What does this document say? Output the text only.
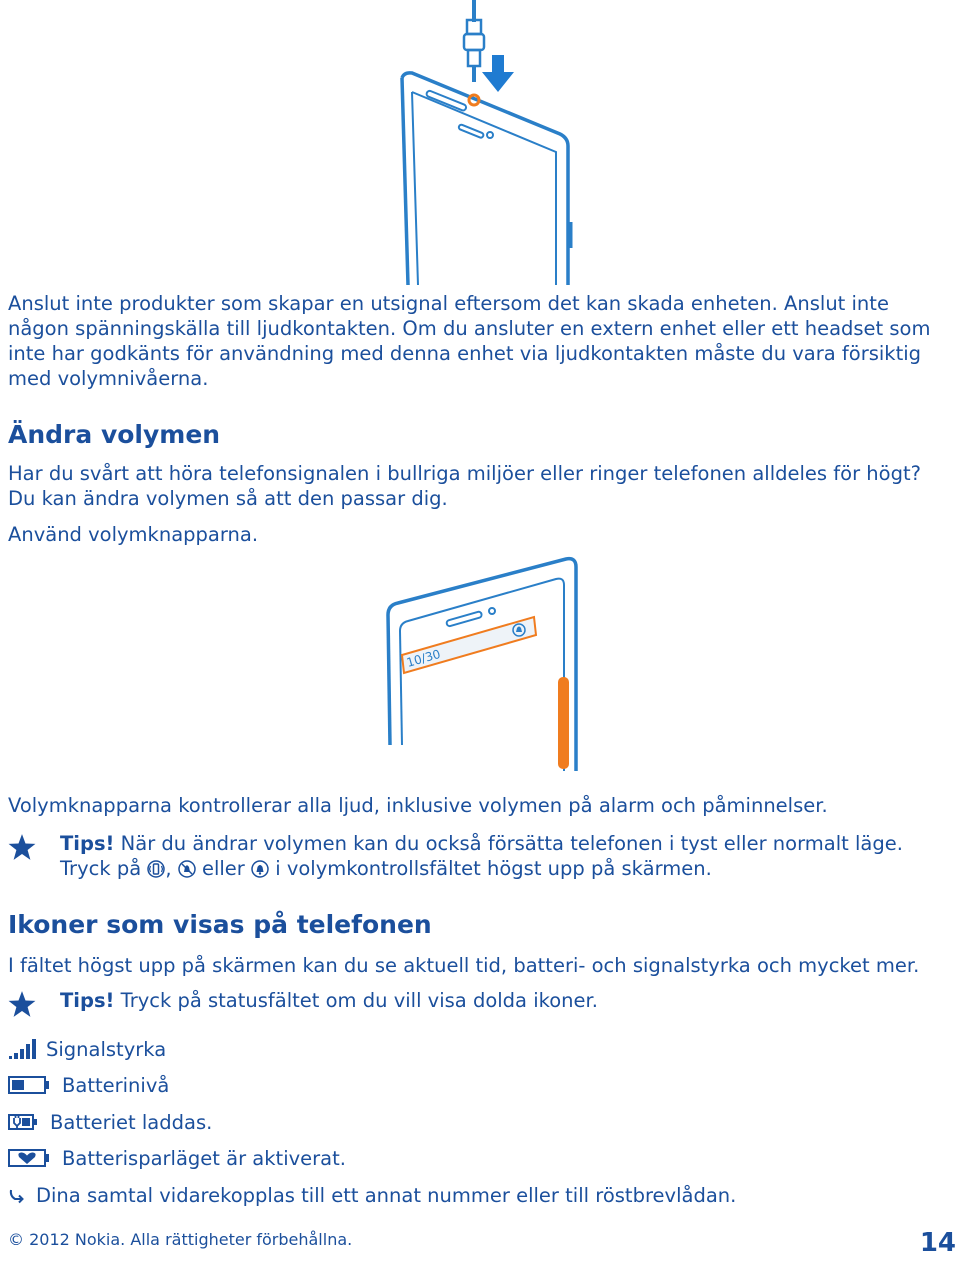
Anslut inte produkter som skapar en utsignal eftersom det kan skada enheten. Anslut inte någon spänningskälla till ljudkontakten. Om du ansluter en extern enhet eller ett headset som inte har godkänts för användning med denna enhet via ljudkontakten måste du vara försiktig med volymnivåerna.

Ändra volymen

Har du svårt att höra telefonsignalen i bullriga miljöer eller ringer telefonen alldeles för högt? Du kan ändra volymen så att den passar dig.

Använd volymknapparna.

10/30

Volymknapparna kontrollerar alla ljud, inklusive volymen på alarm och påminnelser.

Tips! När du ändrar volymen kan du också försätta telefonen i tyst eller normalt läge. Tryck på ,  eller  i volymkontrollsfältet högst upp på skärmen.

Ikoner som visas på telefonen

I fältet högst upp på skärmen kan du se aktuell tid, batteri- och signalstyrka och mycket mer.

Tips! Tryck på statusfältet om du vill visa dolda ikoner.

Signalstyrka
Batterinivå
Batteriet laddas.
Batterisparläget är aktiverat.
Dina samtal vidarekopplas till ett annat nummer eller till röstbrevlådan.
© 2012 Nokia. Alla rättigheter förbehållna.	14
